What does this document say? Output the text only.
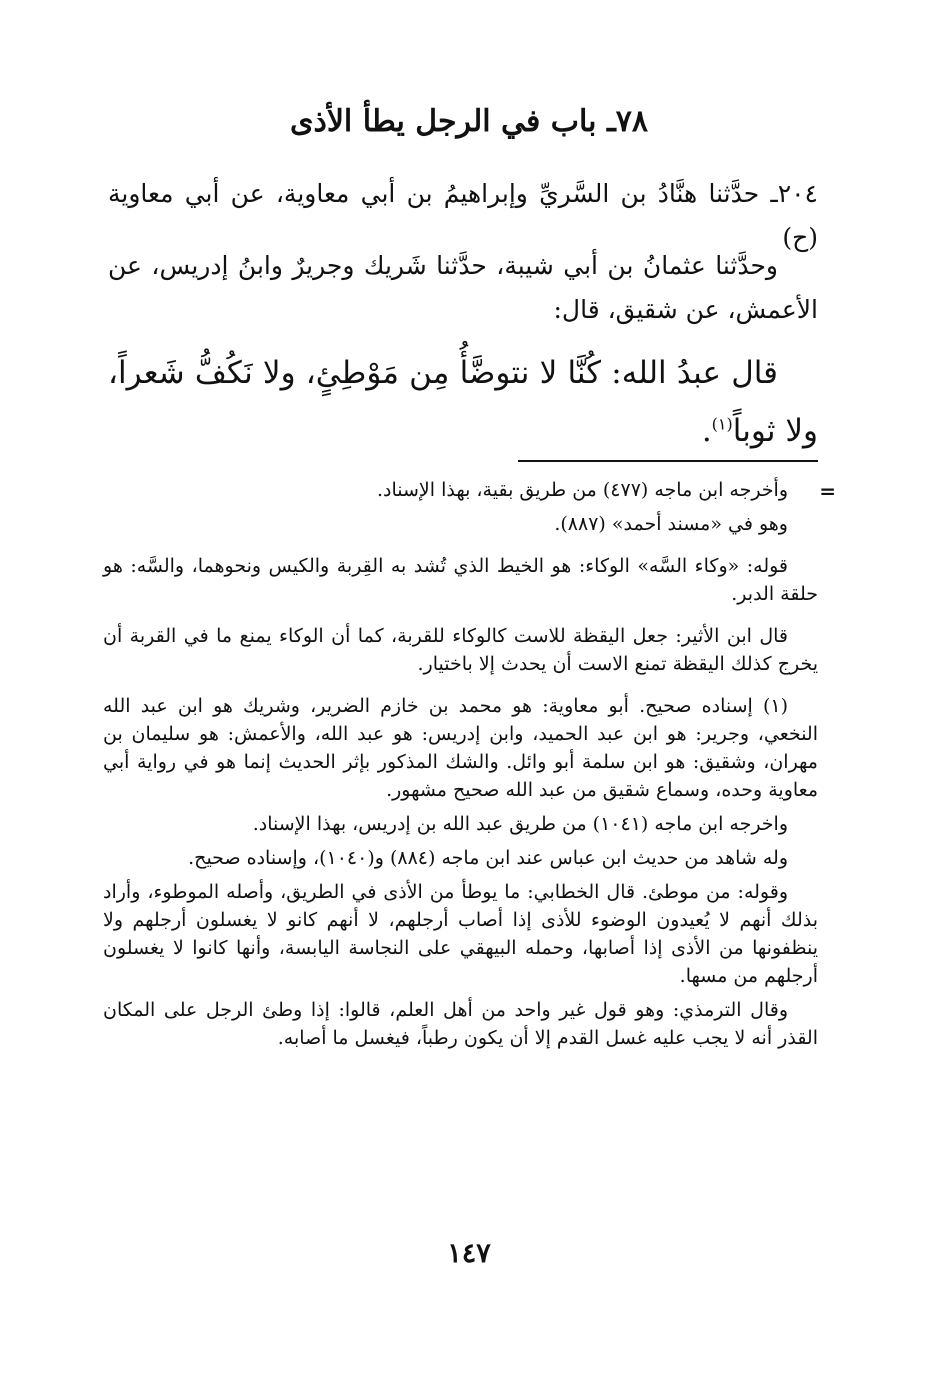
٧٨ـ باب في الرجل يطأ الأذى

٢٠٤ـ حدَّثنا هنَّادُ بن السَّريِّ وإبراهيمُ بن أبي معاوية، عن أبي معاوية (ح)

وحدَّثنا عثمانُ بن أبي شيبة، حدَّثنا شَريك وجريرٌ وابنُ إدريس، عن الأعمش، عن شقيق، قال:

قال عبدُ الله: كُنَّا لا نتوضَّأُ مِن مَوْطِئٍ، ولا نَكُفُّ شَعراً، ولا ثوباً$^{(١)}$.

=

وأخرجه ابن ماجه (٤٧٧) من طريق بقية، بهذا الإسناد.

وهو في «مسند أحمد» (٨٨٧).

قوله: «وكاء السَّه» الوكاء: هو الخيط الذي تُشد به القِربة والكيس ونحوهما، والسَّه: هو حلقة الدبر.

قال ابن الأثير: جعل اليقظة للاست كالوكاء للقربة، كما أن الوكاء يمنع ما في القربة أن يخرج كذلك اليقظة تمنع الاست أن يحدث إلا باختيار.

(١) إسناده صحيح. أبو معاوية: هو محمد بن خازم الضرير، وشريك هو ابن عبد الله النخعي، وجرير: هو ابن عبد الحميد، وابن إدريس: هو عبد الله، والأعمش: هو سليمان بن مهران، وشقيق: هو ابن سلمة أبو وائل. والشك المذكور بإثر الحديث إنما هو في رواية أبي معاوية وحده، وسماع شقيق من عبد الله صحيح مشهور.

واخرجه ابن ماجه (١٠٤١) من طريق عبد الله بن إدريس، بهذا الإسناد.

وله شاهد من حديث ابن عباس عند ابن ماجه (٨٨٤) و(١٠٤٠)، وإسناده صحيح.

وقوله: من موطئ. قال الخطابي: ما يوطأ من الأذى في الطريق، وأصله الموطوء، وأراد بذلك أنهم لا يُعيدون الوضوء للأذى إذا أصاب أرجلهم، لا أنهم كانو لا يغسلون أرجلهم ولا ينظفونها من الأذى إذا أصابها، وحمله البيهقي على النجاسة اليابسة، وأنها كانوا لا يغسلون أرجلهم من مسها.

وقال الترمذي: وهو قول غير واحد من أهل العلم، قالوا: إذا وطئ الرجل على المكان القذر أنه لا يجب عليه غسل القدم إلا أن يكون رطباً، فيغسل ما أصابه.

١٤٧
